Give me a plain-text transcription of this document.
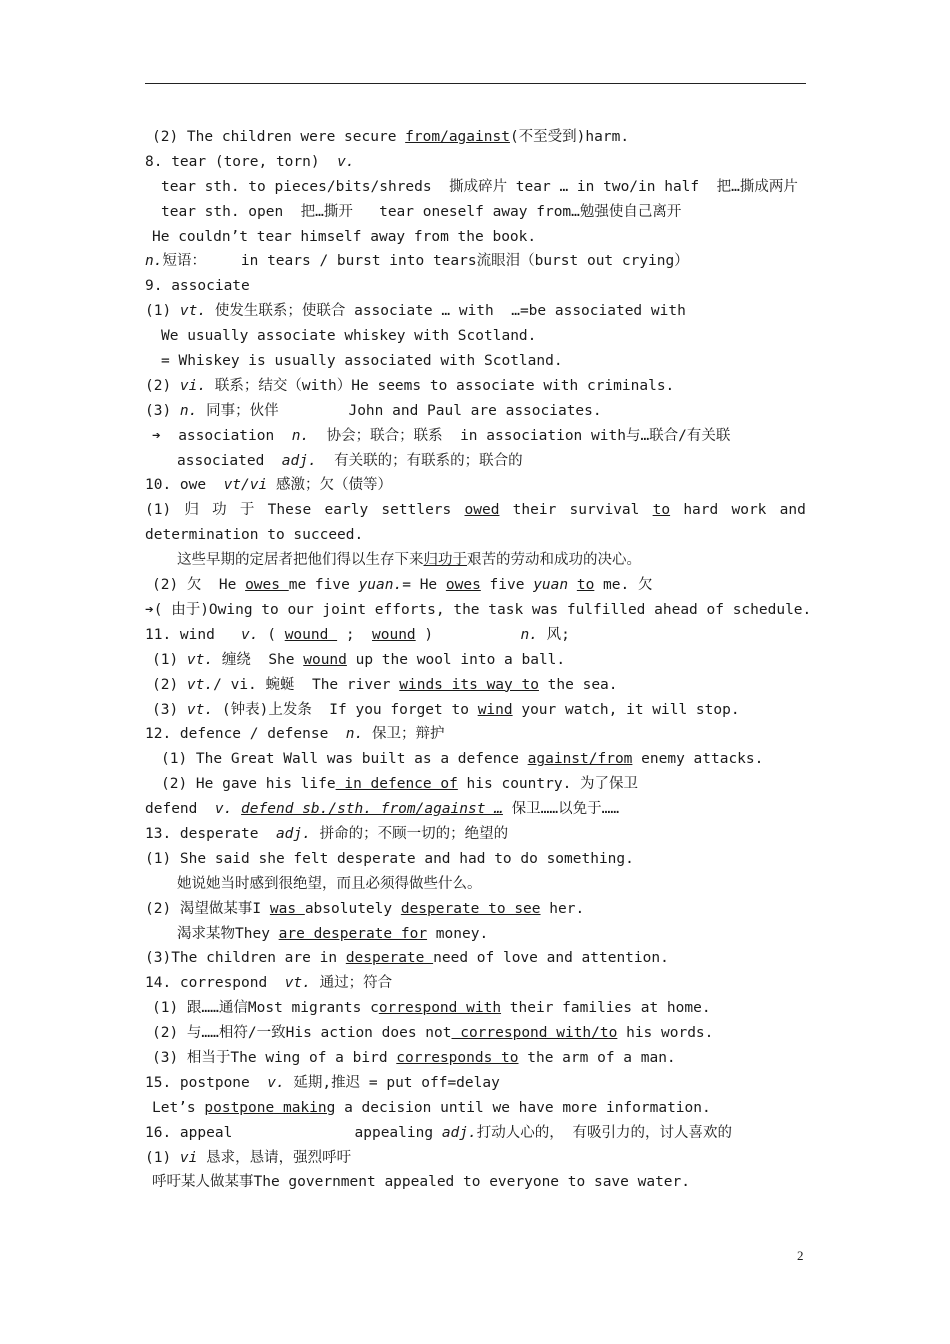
(2) The children were secure from/against(不至受到)harm.
8. tear (tore, torn)  v.
tear sth. to pieces/bits/shreds  撕成碎片 tear … in two/in half  把…撕成两片
tear sth. open  把…撕开   tear oneself away from…勉强使自己离开
He couldn’t tear himself away from the book.
n.短语：    in tears / burst into tears流眼泪（burst out crying）
9. associate
(1) vt. 使发生联系；使联合 associate … with  …=be associated with
We usually associate whiskey with Scotland.
= Whiskey is usually associated with Scotland.
(2) vi. 联系；结交（with）He seems to associate with criminals.
(3) n. 同事；伙伴        John and Paul are associates.
➔  association  n.  协会；联合；联系  in association with与…联合/有关联
associated  adj.  有关联的；有联系的；联合的
10. owe  vt/vi 感激；欠（债等）
(1) 归 功 于 These early settlers owed their survival to hard work and
determination to succeed.
这些早期的定居者把他们得以生存下来归功于艰苦的劳动和成功的决心。
(2) 欠  He owes me five yuan.= He owes five yuan to me. 欠
➔( 由于)Owing to our joint efforts, the task was fulfilled ahead of schedule.
11. wind   v. ( wound  ;  wound )          n. 风;
(1) vt. 缠绕  She wound up the wool into a ball.
(2) vt./ vi. 蜿蜒  The river winds its way to the sea.
(3) vt. (钟表)上发条  If you forget to wind your watch, it will stop.
12. defence / defense  n. 保卫；辩护
(1) The Great Wall was built as a defence against/from enemy attacks.
(2) He gave his life in defence of his country. 为了保卫
defend  v. defend sb./sth. from/against … 保卫……以免于……
13. desperate  adj. 拼命的；不顾一切的；绝望的
(1) She said she felt desperate and had to do something.
她说她当时感到很绝望，而且必须得做些什么。
(2) 渴望做某事I was absolutely desperate to see her.
渴求某物They are desperate for money.
(3)The children are in desperate need of love and attention.
14. correspond  vt. 通过；符合
(1) 跟……通信Most migrants correspond with their families at home.
(2) 与……相符/一致His action does not correspond with/to his words.
(3) 相当于The wing of a bird corresponds to the arm of a man.
15. postpone  v. 延期,推迟 = put off=delay
Let’s postpone making a decision until we have more information.
16. appeal              appealing adj.打动人心的， 有吸引力的，讨人喜欢的
(1) vi 恳求，恳请，强烈呼吁
呼吁某人做某事The government appealed to everyone to save water.
2
